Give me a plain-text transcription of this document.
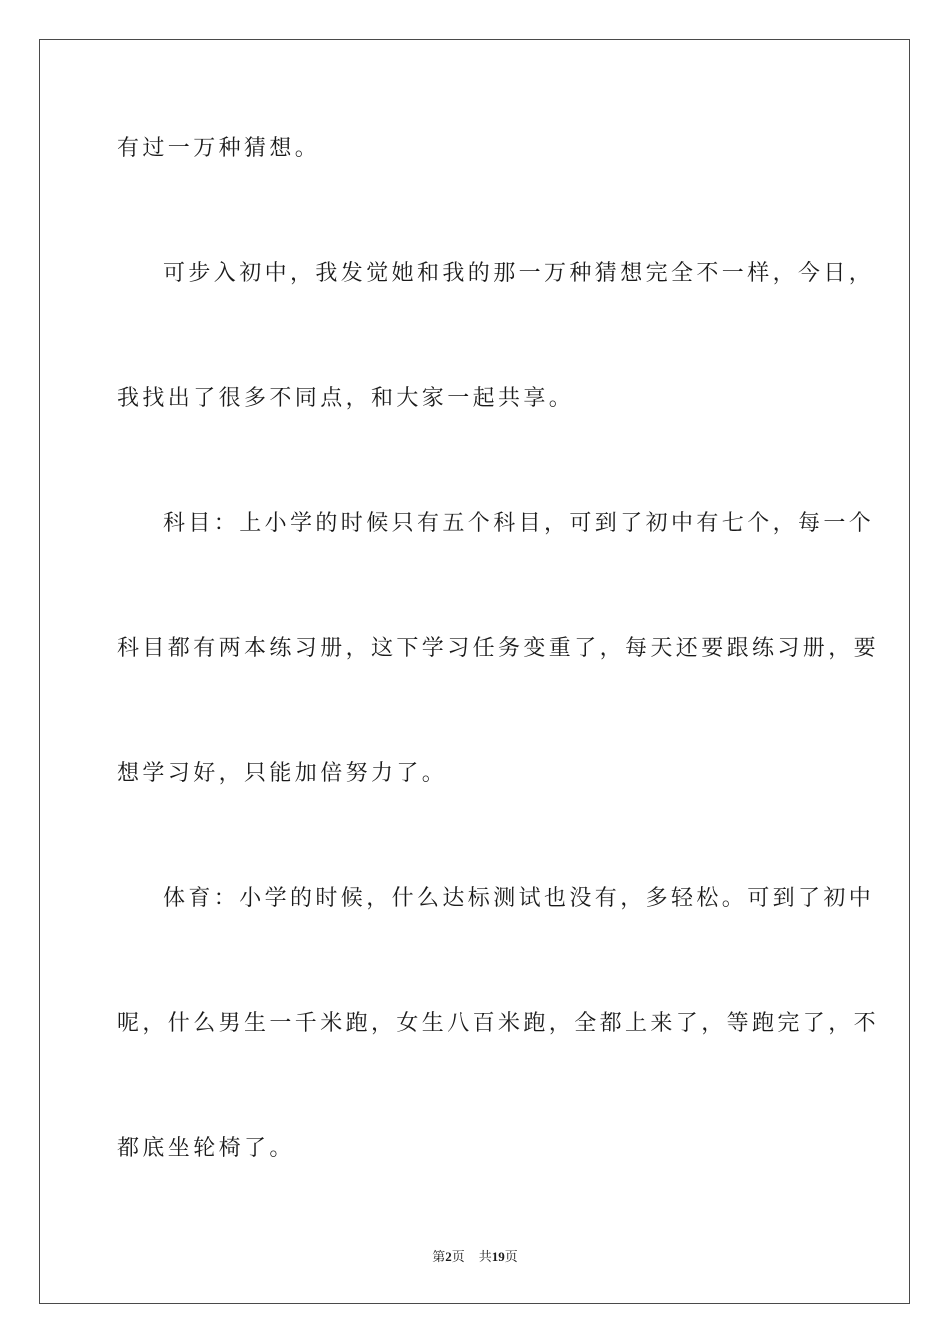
有过一万种猜想。
可步入初中，我发觉她和我的那一万种猜想完全不一样，今日，
我找出了很多不同点，和大家一起共享。
科目：上小学的时候只有五个科目，可到了初中有七个，每一个
科目都有两本练习册，这下学习任务变重了，每天还要跟练习册，要
想学习好，只能加倍努力了。
体育：小学的时候，什么达标测试也没有，多轻松。可到了初中
呢，什么男生一千米跑，女生八百米跑，全都上来了，等跑完了，不
都底坐轮椅了。
第2页 共19页
